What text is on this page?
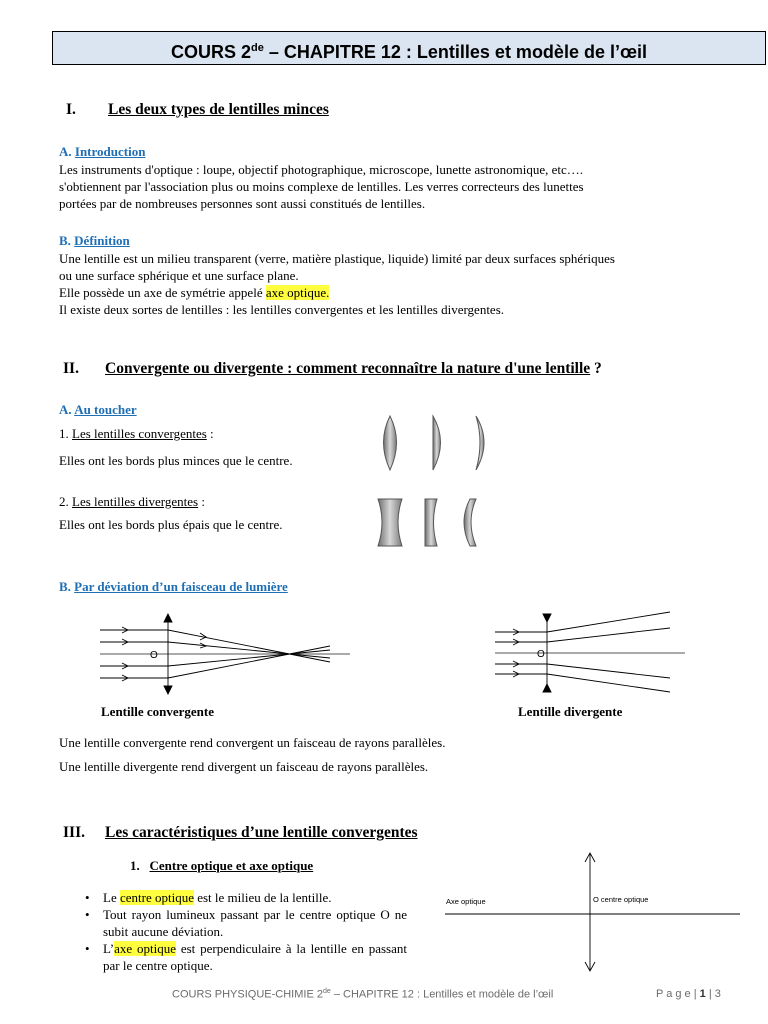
COURS 2de – CHAPITRE 12 : Lentilles et modèle de l’œil
I. Les deux types de lentilles minces
A. Introduction
Les instruments d'optique : loupe, objectif photographique, microscope, lunette astronomique, etc….
s'obtiennent par l'association plus ou moins complexe de lentilles. Les verres correcteurs des lunettes
portées par de nombreuses personnes sont aussi constitués de lentilles.
B. Définition
Une lentille est un milieu transparent (verre, matière plastique, liquide) limité par deux surfaces sphériques
ou une surface sphérique et une surface plane.
Elle possède un axe de symétrie appelé axe optique.
Il existe deux sortes de lentilles : les lentilles convergentes et les lentilles divergentes.
II. Convergente ou divergente : comment reconnaître la nature d'une lentille ?
A. Au toucher
1. Les lentilles convergentes :
Elles ont les bords plus minces que le centre.
2. Les lentilles divergentes :
Elles ont les bords plus épais que le centre.
B. Par déviation d’un faisceau de lumière
O	O
Lentille convergente	Lentille divergente
Une lentille convergente rend convergent un faisceau de rayons parallèles.
Une lentille divergente rend divergent un faisceau de rayons parallèles.
III. Les caractéristiques d’une lentille convergentes
1. Centre optique et axe optique
• Le centre optique est le milieu de la lentille.
• Tout rayon lumineux passant par le centre optique O ne subit aucune déviation.
• L’axe optique est perpendiculaire à la lentille en passant par le centre optique.
Axe optique	O centre optique
COURS PHYSIQUE-CHIMIE 2de – CHAPITRE 12 : Lentilles et modèle de l’œil	P a g e | 1 | 3
